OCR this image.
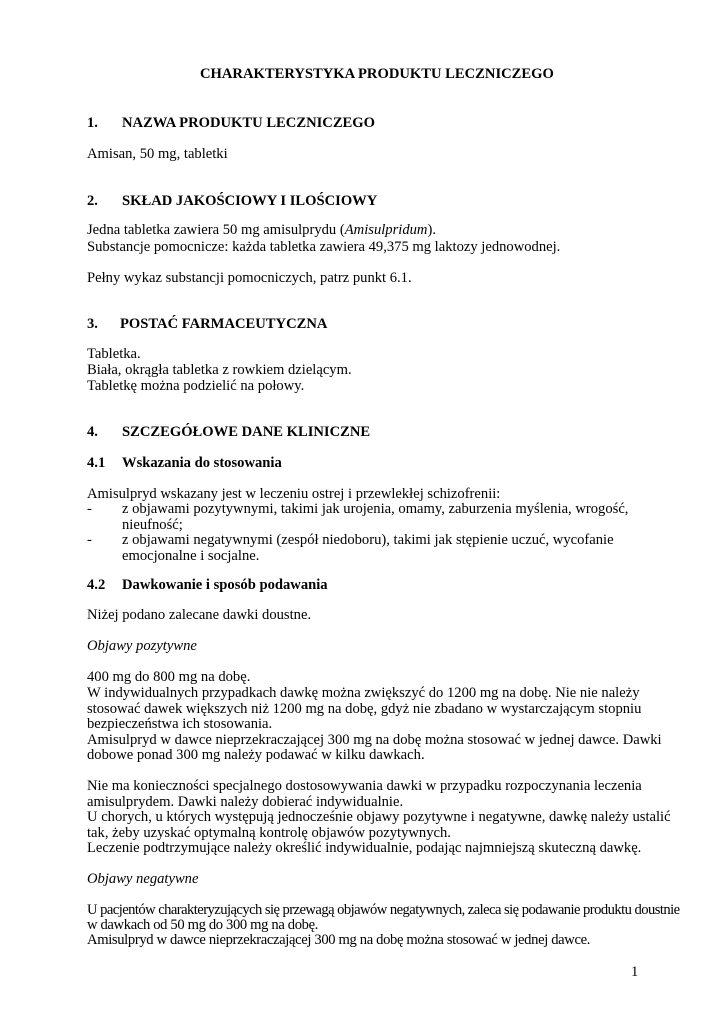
CHARAKTERYSTYKA PRODUKTU LECZNICZEGO
1. NAZWA PRODUKTU LECZNICZEGO
Amisan, 50 mg, tabletki
2. SKŁAD JAKOŚCIOWY I ILOŚCIOWY
Jedna tabletka zawiera 50 mg amisulprydu (Amisulpridum).
Substancje pomocnicze: każda tabletka zawiera 49,375 mg laktozy jednowodnej.
Pełny wykaz substancji pomocniczych, patrz punkt 6.1.
3. POSTAĆ FARMACEUTYCZNA
Tabletka.
Biała, okrągła tabletka z rowkiem dzielącym.
Tabletkę można podzielić na połowy.
4. SZCZEGÓŁOWE DANE KLINICZNE
4.1 Wskazania do stosowania
Amisulpryd wskazany jest w leczeniu ostrej i przewlekłej schizofrenii:
- z objawami pozytywnymi, takimi jak urojenia, omamy, zaburzenia myślenia, wrogość,
nieufność;
- z objawami negatywnymi (zespół niedoboru), takimi jak stępienie uczuć, wycofanie
emocjonalne i socjalne.
4.2 Dawkowanie i sposób podawania
Niżej podano zalecane dawki doustne.
Objawy pozytywne
400 mg do 800 mg na dobę.
W indywidualnych przypadkach dawkę można zwiększyć do 1200 mg na dobę. Nie nie należy
stosować dawek większych niż 1200 mg na dobę, gdyż nie zbadano w wystarczającym stopniu
bezpieczeństwa ich stosowania.
Amisulpryd w dawce nieprzekraczającej 300 mg na dobę można stosować w jednej dawce. Dawki
dobowe ponad 300 mg należy podawać w kilku dawkach.
Nie ma konieczności specjalnego dostosowywania dawki w przypadku rozpoczynania leczenia
amisulprydem. Dawki należy dobierać indywidualnie.
U chorych, u których występują jednocześnie objawy pozytywne i negatywne, dawkę należy ustalić
tak, żeby uzyskać optymalną kontrolę objawów pozytywnych.
Leczenie podtrzymujące należy określić indywidualnie, podając najmniejszą skuteczną dawkę.
Objawy negatywne
U pacjentów charakteryzujących się przewagą objawów negatywnych, zaleca się podawanie produktu doustnie
w dawkach od 50 mg do 300 mg na dobę.
Amisulpryd w dawce nieprzekraczającej 300 mg na dobę można stosować w jednej dawce.
1
